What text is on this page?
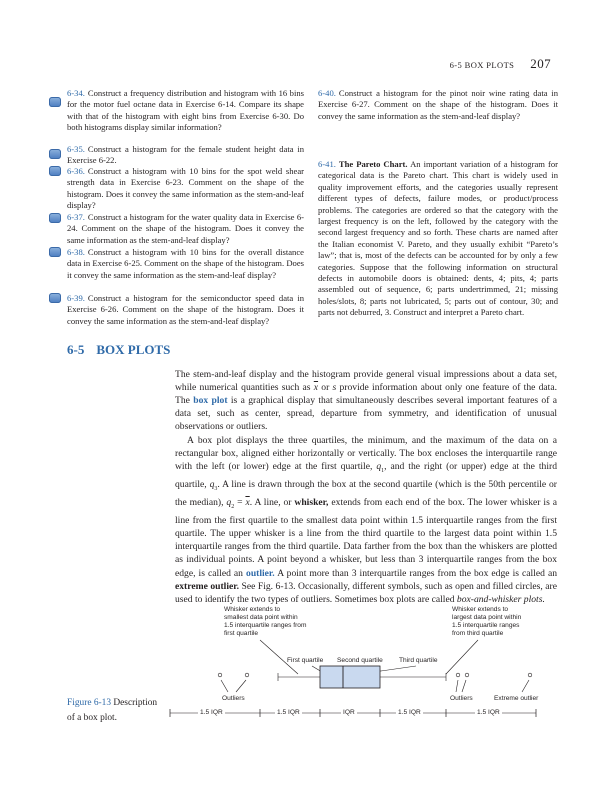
6-5 BOX PLOTS 207
6-34. Construct a frequency distribution and histogram with 16 bins for the motor fuel octane data in Exercise 6-14. Compare its shape with that of the histogram with eight bins from Exercise 6-30. Do both histograms display similar information?
6-35. Construct a histogram for the female student height data in Exercise 6-22.
6-36. Construct a histogram with 10 bins for the spot weld shear strength data in Exercise 6-23. Comment on the shape of the histogram. Does it convey the same information as the stem-and-leaf display?
6-37. Construct a histogram for the water quality data in Exercise 6-24. Comment on the shape of the histogram. Does it convey the same information as the stem-and-leaf display?
6-38. Construct a histogram with 10 bins for the overall distance data in Exercise 6-25. Comment on the shape of the histogram. Does it convey the same information as the stem-and-leaf display?
6-39. Construct a histogram for the semiconductor speed data in Exercise 6-26. Comment on the shape of the histogram. Does it convey the same information as the stem-and-leaf display?
6-40. Construct a histogram for the pinot noir wine rating data in Exercise 6-27. Comment on the shape of the histogram. Does it convey the same information as the stem-and-leaf display?
6-41. The Pareto Chart. An important variation of a histogram for categorical data is the Pareto chart. This chart is widely used in quality improvement efforts, and the categories usually represent different types of defects, failure modes, or product/process problems. The categories are ordered so that the category with the largest frequency is on the left, followed by the category with the second largest frequency and so forth. These charts are named after the Italian economist V. Pareto, and they usually exhibit “Pareto’s law”; that is, most of the defects can be accounted for by only a few categories. Suppose that the following information on structural defects in automobile doors is obtained: dents, 4; pits, 4; parts assembled out of sequence, 6; parts undertrimmed, 21; missing holes/slots, 8; parts not lubricated, 5; parts out of contour, 30; and parts not deburred, 3. Construct and interpret a Pareto chart.
6-5 BOX PLOTS

The stem-and-leaf display and the histogram provide general visual impressions about a data set, while numerical quantities such as $\overline{x}$ or s provide information about only one feature of the data. The box plot is a graphical display that simultaneously describes several important features of a data set, such as center, spread, departure from symmetry, and identification of unusual observations or outliers.

A box plot displays the three quartiles, the minimum, and the maximum of the data on a rectangular box, aligned either horizontally or vertically. The box encloses the interquartile range with the left (or lower) edge at the first quartile, $q_1$, and the right (or upper) edge at the third quartile, $q_3$. A line is drawn through the box at the second quartile (which is the 50th percentile or the median), $q_2 = \overline{x}$. A line, or whisker, extends from each end of the box. The lower whisker is a line from the first quartile to the smallest data point within 1.5 interquartile ranges from the first quartile. The upper whisker is a line from the third quartile to the largest data point within 1.5 interquartile ranges from the third quartile. Data farther from the box than the whiskers are plotted as individual points. A point beyond a whisker, but less than 3 interquartile ranges from the box edge, is called an outlier. A point more than 3 interquartile ranges from the box edge is called an extreme outlier. See Fig. 6-13. Occasionally, different symbols, such as open and filled circles, are used to identify the two types of outliers. Sometimes box plots are called box-and-whisker plots.

Figure 6-13 Description of a box plot.
Whisker extends to
smallest data point within
1.5 interquartile ranges from
first quartile
Whisker extends to
largest data point within
1.5 interquartile ranges
from third quartile
First quartile Second quartile Third quartile
Outliers	Outliers	Extreme outlier
1.5 IQR	1.5 IQR	IQR	1.5 IQR	1.5 IQR
